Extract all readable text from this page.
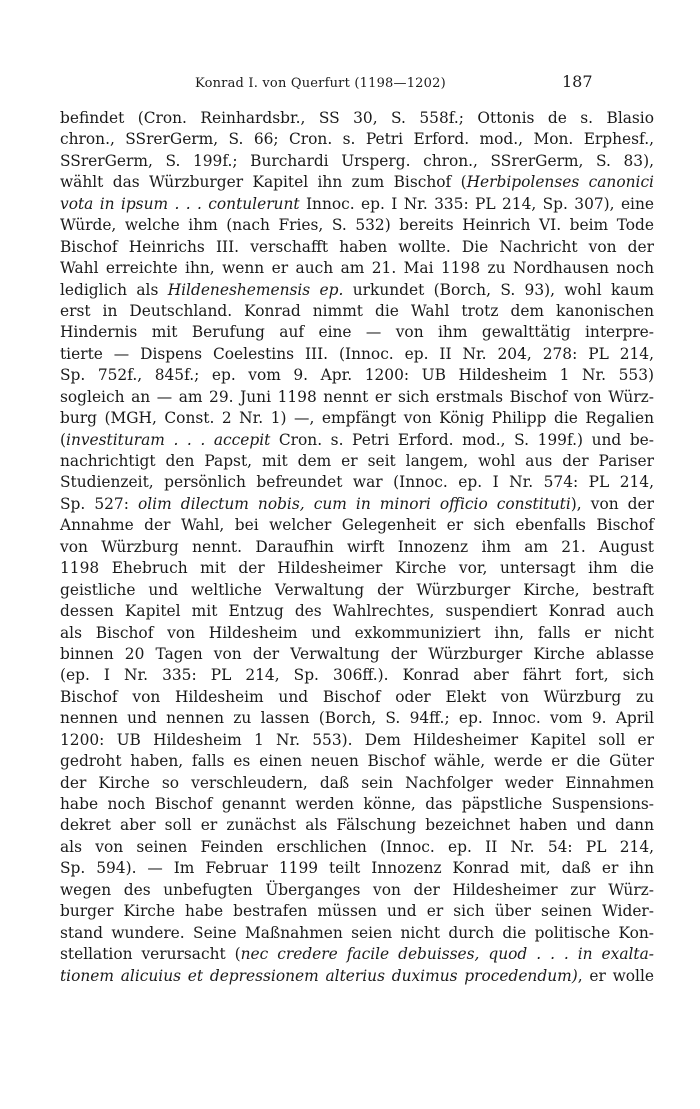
Konrad I. von Querfurt (1198—1202)	187
befindet (Cron. Reinhardsbr., SS 30, S. 558f.; Ottonis de s. Blasio
chron., SSrerGerm, S. 66; Cron. s. Petri Erford. mod., Mon. Erphesf.,
SSrerGerm, S. 199f.; Burchardi Ursperg. chron., SSrerGerm, S. 83),
wählt das Würzburger Kapitel ihn zum Bischof (Herbipolenses canonici
vota in ipsum . . . contulerunt Innoc. ep. I Nr. 335: PL 214, Sp. 307), eine
Würde, welche ihm (nach Fries, S. 532) bereits Heinrich VI. beim Tode
Bischof Heinrichs III. verschafft haben wollte. Die Nachricht von der
Wahl erreichte ihn, wenn er auch am 21. Mai 1198 zu Nordhausen noch
lediglich als Hildeneshemensis ep. urkundet (Borch, S. 93), wohl kaum
erst in Deutschland. Konrad nimmt die Wahl trotz dem kanonischen
Hindernis mit Berufung auf eine — von ihm gewalttätig interpre-
tierte — Dispens Coelestins III. (Innoc. ep. II Nr. 204, 278: PL 214,
Sp. 752f., 845f.; ep. vom 9. Apr. 1200: UB Hildesheim 1 Nr. 553)
sogleich an — am 29. Juni 1198 nennt er sich erstmals Bischof von Würz-
burg (MGH, Const. 2 Nr. 1) —, empfängt von König Philipp die Regalien
(investituram . . . accepit Cron. s. Petri Erford. mod., S. 199f.) und be-
nachrichtigt den Papst, mit dem er seit langem, wohl aus der Pariser
Studienzeit, persönlich befreundet war (Innoc. ep. I Nr. 574: PL 214,
Sp. 527: olim dilectum nobis, cum in minori officio constituti), von der
Annahme der Wahl, bei welcher Gelegenheit er sich ebenfalls Bischof
von Würzburg nennt. Daraufhin wirft Innozenz ihm am 21. August
1198 Ehebruch mit der Hildesheimer Kirche vor, untersagt ihm die
geistliche und weltliche Verwaltung der Würzburger Kirche, bestraft
dessen Kapitel mit Entzug des Wahlrechtes, suspendiert Konrad auch
als Bischof von Hildesheim und exkommuniziert ihn, falls er nicht
binnen 20 Tagen von der Verwaltung der Würzburger Kirche ablasse
(ep. I Nr. 335: PL 214, Sp. 306ff.). Konrad aber fährt fort, sich
Bischof von Hildesheim und Bischof oder Elekt von Würzburg zu
nennen und nennen zu lassen (Borch, S. 94ff.; ep. Innoc. vom 9. April
1200: UB Hildesheim 1 Nr. 553). Dem Hildesheimer Kapitel soll er
gedroht haben, falls es einen neuen Bischof wähle, werde er die Güter
der Kirche so verschleudern, daß sein Nachfolger weder Einnahmen
habe noch Bischof genannt werden könne, das päpstliche Suspensions-
dekret aber soll er zunächst als Fälschung bezeichnet haben und dann
als von seinen Feinden erschlichen (Innoc. ep. II Nr. 54: PL 214,
Sp. 594). — Im Februar 1199 teilt Innozenz Konrad mit, daß er ihn
wegen des unbefugten Überganges von der Hildesheimer zur Würz-
burger Kirche habe bestrafen müssen und er sich über seinen Wider-
stand wundere. Seine Maßnahmen seien nicht durch die politische Kon-
stellation verursacht (nec credere facile debuisses, quod . . . in exalta-
tionem alicuius et depressionem alterius duximus procedendum), er wolle
